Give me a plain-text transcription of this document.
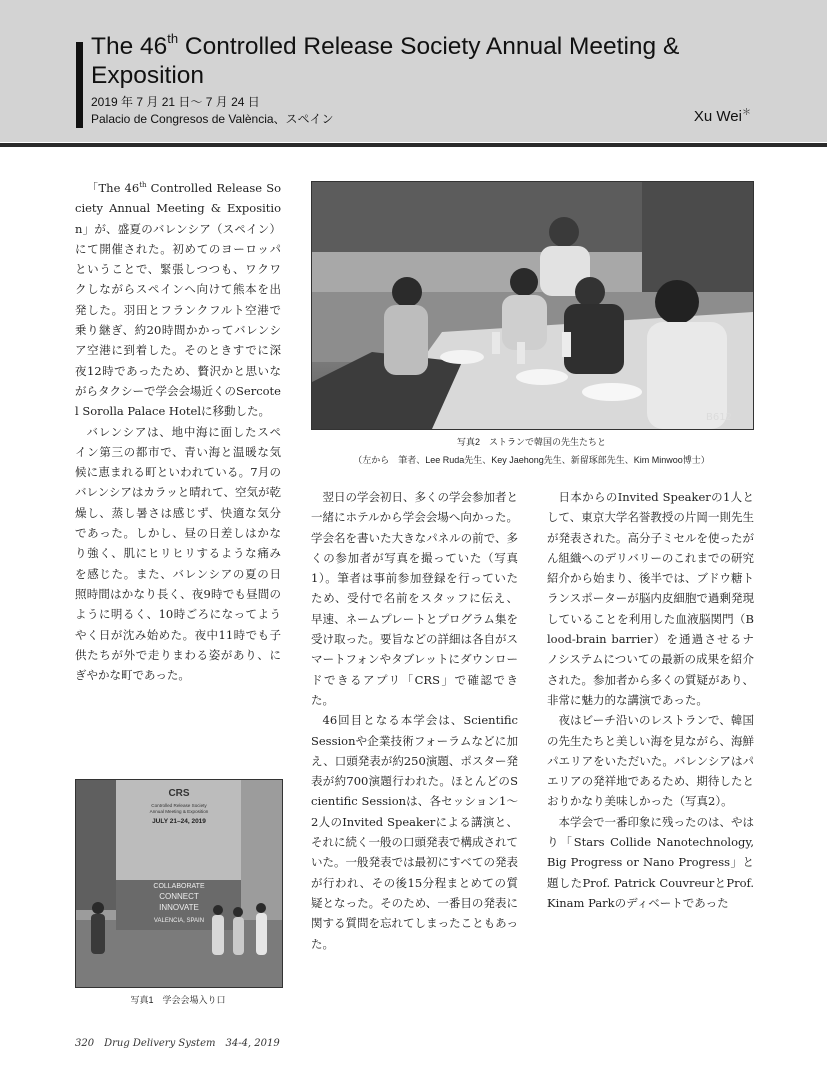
The 46th Controlled Release Society Annual Meeting & Exposition
2019 年 7 月 21 日～ 7 月 24 日
Palacio de Congresos de València、スペイン	Xu Wei＊

「The 46th Controlled Release Society Annual Meeting & Exposition」が、盛夏のバレンシア（スペイン）にて開催された。初めてのヨーロッパということで、緊張しつつも、ワクワクしながらスペインへ向けて熊本を出発した。羽田とフランクフルト空港で乗り継ぎ、約20時間かかってバレンシア空港に到着した。そのときすでに深夜12時であったため、贅沢かと思いながらタクシーで学会会場近くのSercotel Sorolla Palace Hotelに移動した。

バレンシアは、地中海に面したスペイン第三の都市で、青い海と温暖な気候に恵まれる町といわれている。7月のバレンシアはカラッと晴れて、空気が乾燥し、蒸し暑さは感じず、快適な気分であった。しかし、昼の日差しはかなり強く、肌にヒリヒリするような痛みを感じた。また、バレンシアの夏の日照時間はかなり長く、夜9時でも昼間のように明るく、10時ごろになってようやく日が沈み始めた。夜中11時でも子供たちが外で走りまわる姿があり、にぎやかな町であった。

B612
写真2　ストランで韓国の先生たちと
（左から　筆者、Lee Ruda先生、Key Jaehong先生、新留琢郎先生、Kim Minwoo博士）

翌日の学会初日、多くの学会参加者と一緒にホテルから学会会場へ向かった。学会名を書いた大きなパネルの前で、多くの参加者が写真を撮っていた（写真1）。筆者は事前参加登録を行っていたため、受付で名前をスタッフに伝え、早速、ネームプレートとプログラム集を受け取った。要旨などの詳細は各自がスマートフォンやタブレットにダウンロードできるアプリ「CRS」で確認できた。

46回目となる本学会は、Scientific Sessionや企業技術フォーラムなどに加え、口頭発表が約250演題、ポスター発表が約700演題行われた。ほとんどのScientific Sessionは、各セッション1～2人のInvited Speakerによる講演と、それに続く一般の口頭発表で構成されていた。一般発表では最初にすべての発表が行われ、その後15分程まとめての質疑となった。そのため、一番目の発表に関する質問を忘れてしまったこともあった。

日本からのInvited Speakerの1人として、東京大学名誉教授の片岡一則先生が発表された。高分子ミセルを使ったがん組織へのデリバリーのこれまでの研究紹介から始まり、後半では、ブドウ糖トランスポーターが脳内皮細胞で過剰発現していることを利用した血液脳関門（Blood-brain barrier）を通過させるナノシステムについての最新の成果を紹介された。参加者から多くの質疑があり、非常に魅力的な講演であった。

夜はビーチ沿いのレストランで、韓国の先生たちと美しい海を見ながら、海鮮パエリアをいただいた。バレンシアはパエリアの発祥地であるため、期待したとおりかなり美味しかった（写真2）。

本学会で一番印象に残ったのは、やはり「Stars Collide Nanotechnology, Big Progress or Nano Progress」と題したProf. Patrick CouvreurとProf. Kinam Parkのディベートであった

CRS
Controlled Release Society
Annual Meeting & Exposition
JULY 21–24, 2019
COLLABORATE
CONNECT
INNOVATE
VALENCIA, SPAIN
写真1　学会会場入り口
320　Drug Delivery System　34-4, 2019
